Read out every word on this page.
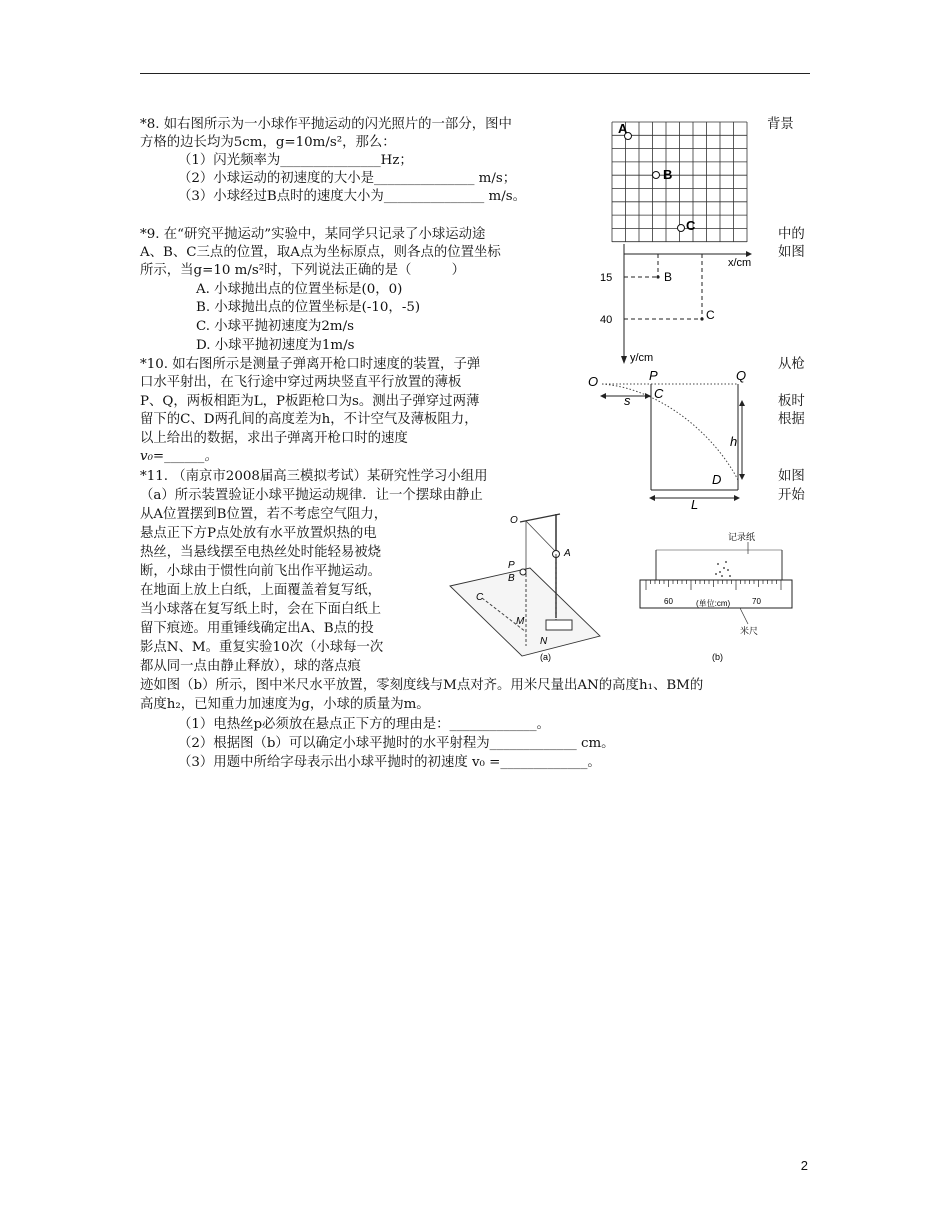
*8. 如右图所示为一小球作平抛运动的闪光照片的一部分，图中
方格的边长均为5cm，g=10m/s²，那么：
（1）闪光频率为_______________Hz；
（2）小球运动的初速度的大小是_______________ m/s；
（3）小球经过B点时的速度大小为_______________ m/s。
背景
A
B
C
*9. 在“研究平抛运动”实验中，某同学只记录了小球运动途
A、B、C三点的位置，取A点为坐标原点，则各点的位置坐标
所示，当g=10 m/s²时，下列说法正确的是（　　　）
A. 小球抛出点的位置坐标是(0，0)
B. 小球抛出点的位置坐标是(-10，-5)
C. 小球平抛初速度为2m/s
D. 小球平抛初速度为1m/s
中的
如图
x/cm
y/cm
B
15
C
40
*10. 如右图所示是测量子弹离开枪口时速度的装置，子弹
口水平射出，在飞行途中穿过两块竖直平行放置的薄板
P、Q，两板相距为L，P板距枪口为s。测出子弹穿过两薄
留下的C、D两孔间的高度差为h，不计空气及薄板阻力，
以上给出的数据，求出子弹离开枪口时的速度
v₀=______。
从枪
板时
根据
O	P	Q
s C
D
h
L
*11. （南京市2008届高三模拟考试）某研究性学习小组用
（a）所示装置验证小球平抛运动规律．让一个摆球由静止
从A位置摆到B位置，若不考虑空气阻力，
悬点正下方P点处放有水平放置炽热的电
热丝，当悬线摆至电热丝处时能轻易被烧
断，小球由于惯性向前飞出作平抛运动。
在地面上放上白纸，上面覆盖着复写纸，
当小球落在复写纸上时，会在下面白纸上
留下痕迹。用重锤线确定出A、B点的投
影点N、M。重复实验10次（小球每一次
都从同一点由静止释放），球的落点痕
迹如图（b）所示，图中米尺水平放置，零刻度线与M点对齐。用米尺量出AN的高度h₁、BM的
高度h₂，已知重力加速度为g，小球的质量为m。
（1）电热丝p必须放在悬点正下方的理由是：_____________。
（2）根据图（b）可以确定小球平抛时的水平射程为_____________ cm。
（3）用题中所给字母表示出小球平抛时的初速度 v₀ =_____________。
如图
开始
O
A
P
B
C
M
N
(a)
记录纸
60	70
(单位:cm)
米尺
(b)
2
